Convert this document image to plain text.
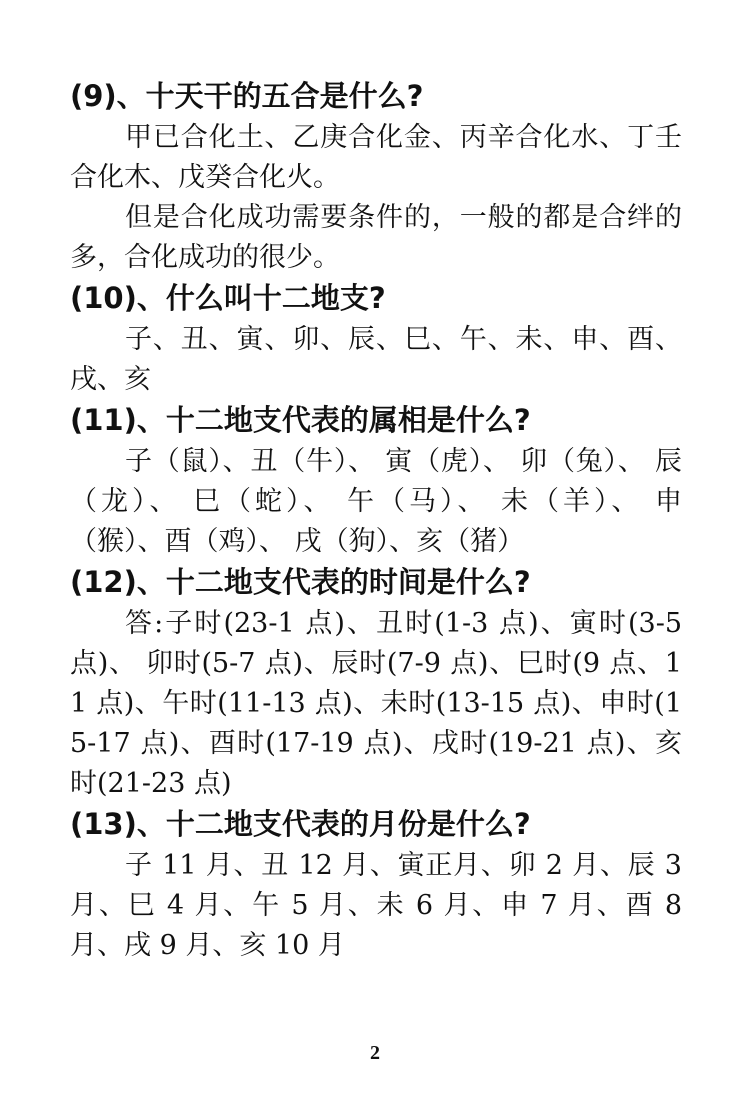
(9)、十天干的五合是什么?

甲已合化土、乙庚合化金、丙辛合化水、丁壬合化木、戊癸合化火。

但是合化成功需要条件的，一般的都是合绊的多，合化成功的很少。

(10)、什么叫十二地支?

子、丑、寅、卯、辰、巳、午、未、申、酉、戌、亥

(11)、十二地支代表的属相是什么?

子（鼠）、丑（牛）、 寅（虎）、 卯（兔）、 辰（龙）、 巳（蛇）、 午（马）、 未（羊）、 申（猴）、酉（鸡）、 戌（狗）、亥（猪）

(12)、十二地支代表的时间是什么?

答:子时(23-1 点)、丑时(1-3 点)、寅时(3-5 点)、 卯时(5-7 点)、辰时(7-9 点)、巳时(9 点、11 点)、午时(11-13 点)、未时(13-15 点)、申时(15-17 点)、酉时(17-19 点)、戌时(19-21 点)、亥时(21-23 点)

(13)、十二地支代表的月份是什么?

子 11 月、丑 12 月、寅正月、卯 2 月、辰 3 月、巳 4 月、午 5 月、未 6 月、申 7 月、酉 8 月、戌 9 月、亥 10 月

2
